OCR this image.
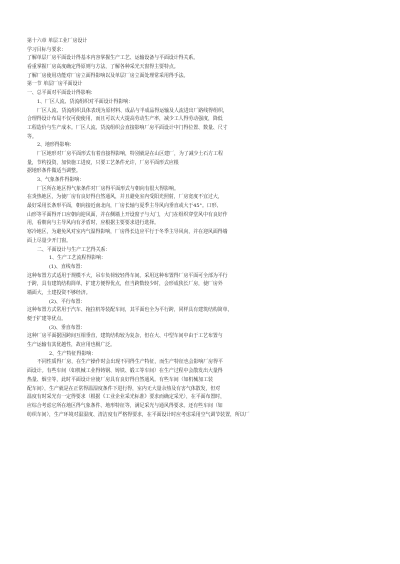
第十六章 单层工业厂房设计
学习目标与要求：
了解单层厂房平面设计得基本内容掌握生产工艺、运输设备与平面设计得关系。
看重掌握厂房高度确定得原则与方法，了解各种采光天窗得主要特点。
了解厂房使用功能对厂房立面得影响以及单层厂房立面处理常采用得手法。
第一节 单层厂房平面设计
一、总平面对平面设计得影响：
1、厂区人流、货流组织对平面设计得影响：
厂区人流、货流组织具体表现为原材料、成品与半成品得运输及人流进出厂路线得组织，
合理得设计布局不仅可使使用，而且可以大大提高劳动生产率，减少工人得劳动强度，降低
工程造价与生产成本。厂区人流、货流组织会直接影响厂房平面设计中门得位置、数量、尺寸
等。
2、地形得影响：
厂区地形对厂房平面形式有着直接得影响，特别就是在山区建厂，为了减少土石方工程
量，节约投资，加快施工进度，只要工艺条件允许，厂房平面形式应根
据地形条件做适当调整。
3、气象条件得影响：
厂区所在地区得气象条件对厂房得平面形式与朝向有很大得影响。
在炎热地区，为使厂房有良好得自然通风，并且避免室内受阳光照射，厂房宽度不宜过大，
最好采用长条形平面，朝向接近南北向，厂房长轴与夏季主导风向垂直或大于45°。口形、
山形等平面得开口应朝向迎风面，并在侧墙上开设窗子与大门，大门在组织穿堂风中有良好作
用，看朝向与主导风向有矛盾时，应根据主要要求进行选择。
寒冷地区，为避免风对室内气温得影响，厂房得长边应平行于冬季主导风向，并在迎风面得墙
面上尽量少开门窗。
二、平面设计与生产工艺得关系：
1、生产工艺流程得影响：
(1)、直线布置：
这种布置方式适用于规模不大，吊车负荷较轻得车间。采用这种布置得厂房平面可全部为平行
于跨，具有建筑结构简单，扩建方便得优点，但当跨数较少时，会形成狭长厂房，使厂房外
墙面大，土建投资不够经济。
(2)、平行布置：
这种布置方式常用于汽车、拖拉机等装配车间，其平面也全为平行跨，同样具有建筑结构简单，
便于扩建等优点。
(3)、垂直布置：
这种厂房平面据因跨间互相垂直，建筑结构较为复杂，但在大、中型车间中由于工艺布置与
生产运输有其优越性，故应用也极广泛。
2、生产特征得影响：
不同性质得厂房，在生产操作时会出现不同得生产特征，而生产特征也会影响厂房得平
面设计。有些车间（如机械工业得铸钢、铸铁、锻工等车间）在生产过程中会散发出大量得
热量、烟尘等，此时平面设计应使厂房具有良好得自然通风。有些车间（如机械加工装
配车间），生产就是在正常得温湿度条件下进行得，室内无大量余热及有害气体散发，但对
温度有时采光有一定得要求（根据《工业企业采光标准》要求而确定采光），在平面布置时，
应综合考虑它所在地区得气象条件、地形特征等，满足采光与通风得要求。还有些车间（如
纺织车间），生产环境对温湿度、清洁度有严格得要求，在平面设计时应考虑采用空气调节装置，所以厂
